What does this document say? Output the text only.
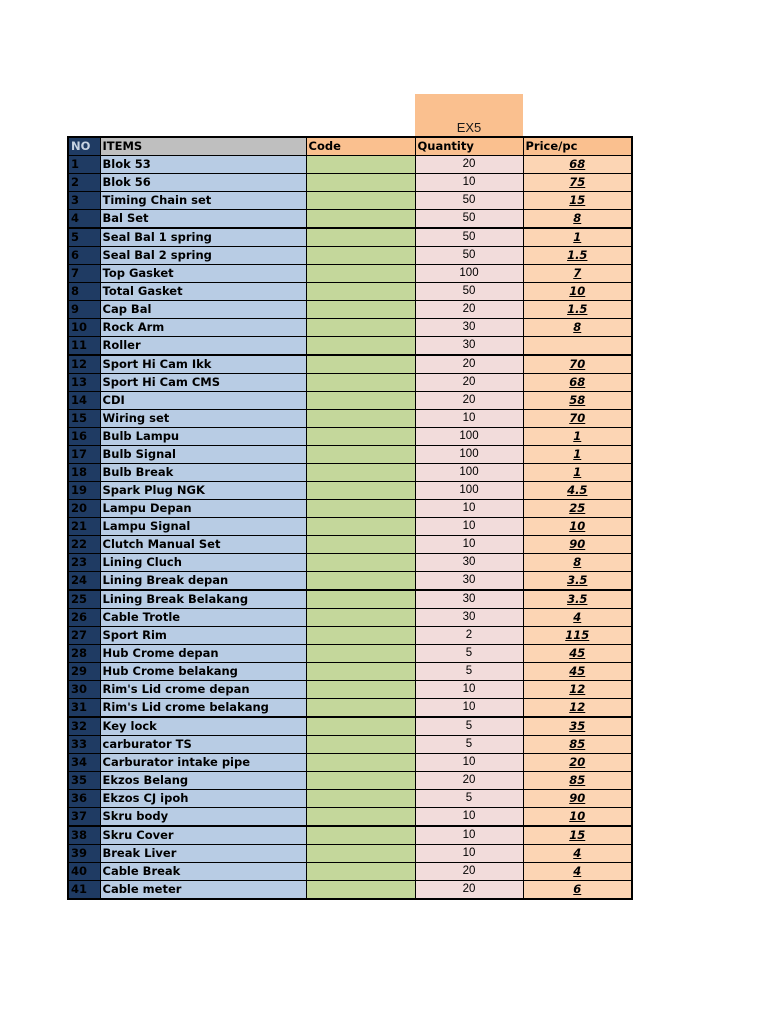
EX5
NO	ITEMS	Code	Quantity	Price/pc
1	Blok 53		20	68
2	Blok 56		10	75
3	Timing Chain set		50	15
4	Bal Set		50	8
5	Seal Bal 1 spring		50	1
6	Seal Bal 2 spring		50	1.5
7	Top Gasket		100	7
8	Total Gasket		50	10
9	Cap Bal		20	1.5
10	Rock Arm		30	8
11	Roller		30	
12	Sport Hi Cam Ikk		20	70
13	Sport Hi Cam CMS		20	68
14	CDI		20	58
15	Wiring set		10	70
16	Bulb Lampu		100	1
17	Bulb Signal		100	1
18	Bulb Break		100	1
19	Spark Plug NGK		100	4.5
20	Lampu Depan		10	25
21	Lampu Signal		10	10
22	Clutch Manual Set		10	90
23	Lining Cluch		30	8
24	Lining Break depan		30	3.5
25	Lining Break Belakang		30	3.5
26	Cable Trotle		30	4
27	Sport Rim		2	115
28	Hub Crome depan		5	45
29	Hub Crome belakang		5	45
30	Rim's Lid crome depan		10	12
31	Rim's Lid crome belakang		10	12
32	Key lock		5	35
33	carburator TS		5	85
34	Carburator intake pipe		10	20
35	Ekzos Belang		20	85
36	Ekzos CJ ipoh		5	90
37	Skru body		10	10
38	Skru Cover		10	15
39	Break Liver		10	4
40	Cable Break		20	4
41	Cable meter		20	6
